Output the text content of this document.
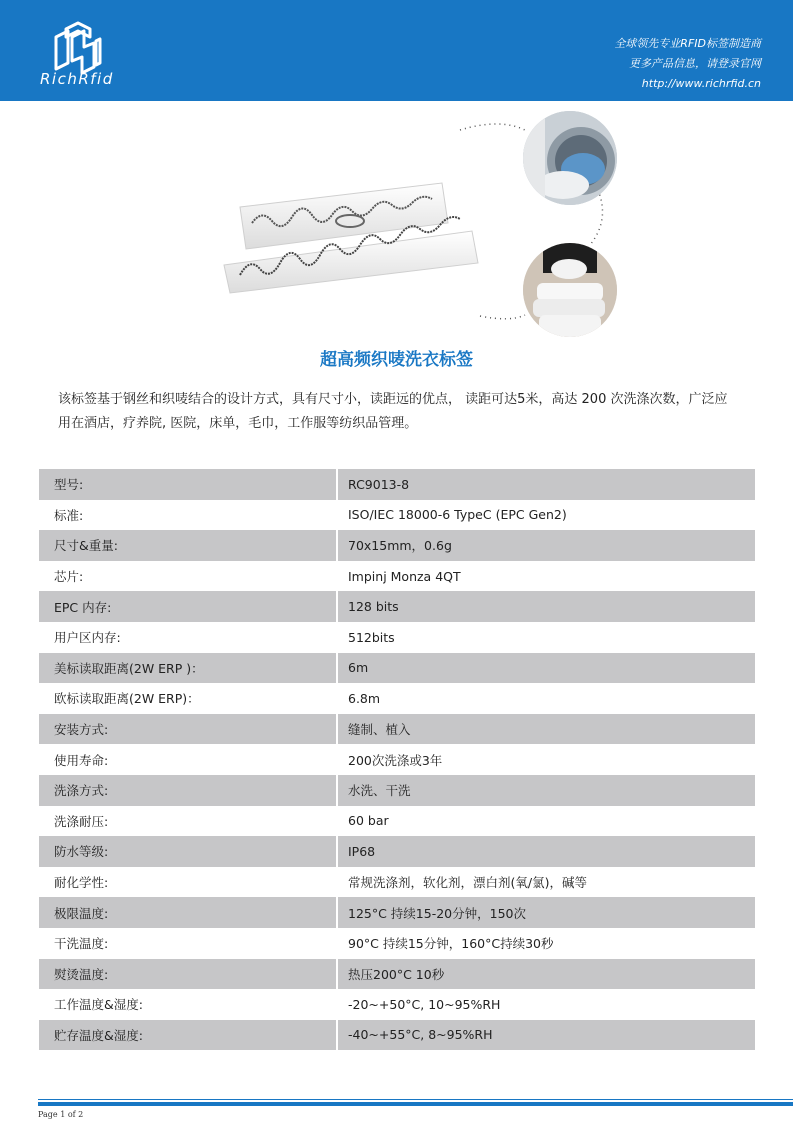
RichRfid
全球领先专业RFID标签制造商
更多产品信息，请登录官网
http://www.richrfid.cn
超高频织唛洗衣标签
该标签基于钢丝和织唛结合的设计方式，具有尺寸小，读距远的优点， 读距可达5米，高达 200 次洗涤次数，广泛应用在酒店，疗养院, 医院，床单，毛巾，工作服等纺织品管理。
型号:	RC9013-8
标准:	ISO/IEC 18000-6 TypeC (EPC Gen2)
尺寸&重量:	70x15mm，0.6g
芯片:	Impinj Monza 4QT
EPC 内存:	128 bits
用户区内存:	512bits
美标读取距离(2W ERP )：	6m
欧标读取距离(2W ERP)：	6.8m
安装方式:	缝制、植入
使用寿命:	200次洗涤或3年
洗涤方式:	水洗、干洗
洗涤耐压:	60 bar
防水等级:	IP68
耐化学性:	常规洗涤剂，软化剂，漂白剂(氧/氯)，碱等
极限温度:	125°C 持续15-20分钟，150次
干洗温度:	90°C 持续15分钟，160°C持续30秒
熨烫温度:	热压200°C 10秒
工作温度&湿度:	-20~+50°C, 10~95%RH
贮存温度&湿度:	-40~+55°C, 8~95%RH
Page 1 of 2
